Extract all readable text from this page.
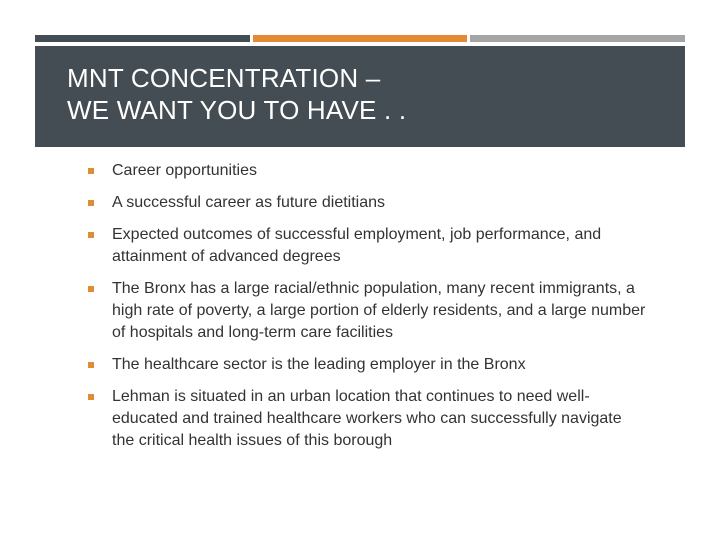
MNT CONCENTRATION –
WE WANT YOU TO HAVE . .
Career opportunities
A successful career as future dietitians
Expected outcomes of successful employment, job performance, and attainment of advanced degrees
The Bronx has a large racial/ethnic population, many recent immigrants, a high rate of poverty, a large portion of elderly residents, and a large number of hospitals and long-term care facilities
The healthcare sector is the leading employer in the Bronx
Lehman is situated in an urban location that continues to need well-educated and trained healthcare workers who can successfully navigate the critical health issues of this borough
